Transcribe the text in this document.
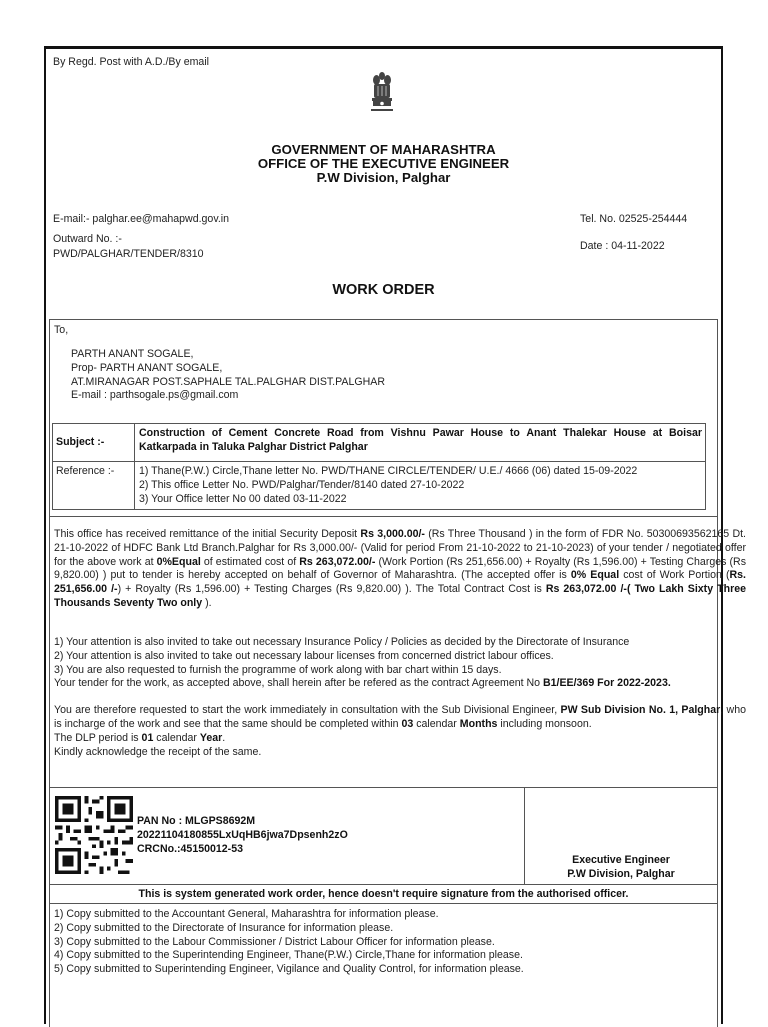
By Regd. Post with A.D./By email
GOVERNMENT OF MAHARASHTRA
OFFICE OF THE EXECUTIVE ENGINEER
P.W Division, Palghar
E-mail:- palghar.ee@mahapwd.gov.in	Tel. No. 02525-254444
Outward No. :-
PWD/PALGHAR/TENDER/8310
Date : 04-11-2022
WORK ORDER
To,
PARTH ANANT SOGALE,
Prop- PARTH ANANT SOGALE,
AT.MIRANAGAR POST.SAPHALE TAL.PALGHAR DIST.PALGHAR
E-mail : parthsogale.ps@gmail.com
Subject :-
Construction of Cement Concrete Road from Vishnu Pawar House to Anant Thalekar House at Boisar
Katkarpada in Taluka Palghar District Palghar
Reference :- 1) Thane(P.W.) Circle,Thane letter No. PWD/THANE CIRCLE/TENDER/ U.E./ 4666 (06) dated 15-09-2022
2) This office Letter No. PWD/Palghar/Tender/8140 dated 27-10-2022
3) Your Office letter No 00 dated 03-11-2022
This office has received remittance of the initial Security Deposit Rs 3,000.00/- (Rs Three Thousand ) in the form of FDR No. 50300693562165 Dt. 21-10-2022 of HDFC Bank Ltd Branch.Palghar for Rs 3,000.00/- (Valid for period From 21-10-2022 to 21-10-2023) of your tender / negotiated offer for the above work at 0%Equal of estimated cost of Rs 263,072.00/- (Work Portion (Rs 251,656.00) + Royalty (Rs 1,596.00) + Testing Charges (Rs 9,820.00) ) put to tender is hereby accepted on behalf of Governor of Maharashtra. (The accepted offer is 0% Equal cost of Work Portion (Rs. 251,656.00 /-) + Royalty (Rs 1,596.00) + Testing Charges (Rs 9,820.00) ). The Total Contract Cost is Rs 263,072.00 /-( Two Lakh Sixty Three Thousands Seventy Two only ).
1) Your attention is also invited to take out necessary Insurance Policy / Policies as decided by the Directorate of Insurance
2) Your attention is also invited to take out necessary labour licenses from concerned district labour offices.
3) You are also requested to furnish the programme of work along with bar chart within 15 days.
Your tender for the work, as accepted above, shall herein after be refered as the contract Agreement No B1/EE/369 For 2022-2023.
You are therefore requested to start the work immediately in consultation with the Sub Divisional Engineer, PW Sub Division No. 1, Palghar, who is incharge of the work and see that the same should be completed within 03 calendar Months including monsoon.
The DLP period is 01 calendar Year.
Kindly acknowledge the receipt of the same.
PAN No : MLGPS8692M
20221104180855LxUqHB6jwa7Dpsenh2zO
CRCNo.:45150012-53
Executive Engineer
P.W Division, Palghar
This is system generated work order, hence doesn't require signature from the authorised officer.
1) Copy submitted to the Accountant General, Maharashtra for information please.
2) Copy submitted to the Directorate of Insurance for information please.
3) Copy submitted to the Labour Commissioner / District Labour Officer for information please.
4) Copy submitted to the Superintending Engineer, Thane(P.W.) Circle,Thane for information please.
5) Copy submitted to Superintending Engineer, Vigilance and Quality Control, for information please.
